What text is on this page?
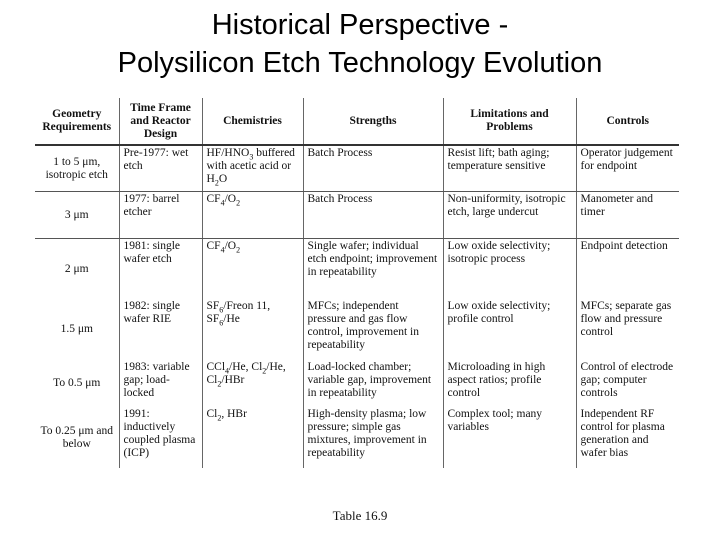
Historical Perspective -
Polysilicon Etch Technology Evolution
Geometry Requirements	Time Frame and Reactor Design	Chemistries	Strengths	Limitations and Problems	Controls
1 to 5 μm, isotropic etch	Pre-1977: wet etch	$HF/HNO_3$ buffered with acetic acid or $H_2O$	Batch Process	Resist lift; bath aging; temperature sensitive	Operator judgement for endpoint
3 μm	1977: barrel etcher	$CF_4/O_2$	Batch Process	Non-uniformity, isotropic etch, large undercut	Manometer and timer
2 μm	1981: single wafer etch	$CF_4/O_2$	Single wafer; individual etch endpoint; improvement in repeatability	Low oxide selectivity; isotropic process	Endpoint detection
1.5 μm	1982: single wafer RIE	$SF_6$/Freon 11, $SF_6/He$	MFCs; independent pressure and gas flow control, improvement in repeatability	Low oxide selectivity; profile control	MFCs; separate gas flow and pressure control
To 0.5 μm	1983: variable gap; load-locked	CCl$_4$/He, $Cl_2/He$, $Cl_2$/HBr	Load-locked chamber; variable gap, improvement in repeatability	Microloading in high aspect ratios; profile control	Control of electrode gap; computer controls
To 0.25 μm and below	1991: inductively coupled plasma (ICP)	$Cl_2$, HBr	High-density plasma; low pressure; simple gas mixtures, improvement in repeatability	Complex tool; many variables	Independent RF control for plasma generation and wafer bias
Table 16.9
